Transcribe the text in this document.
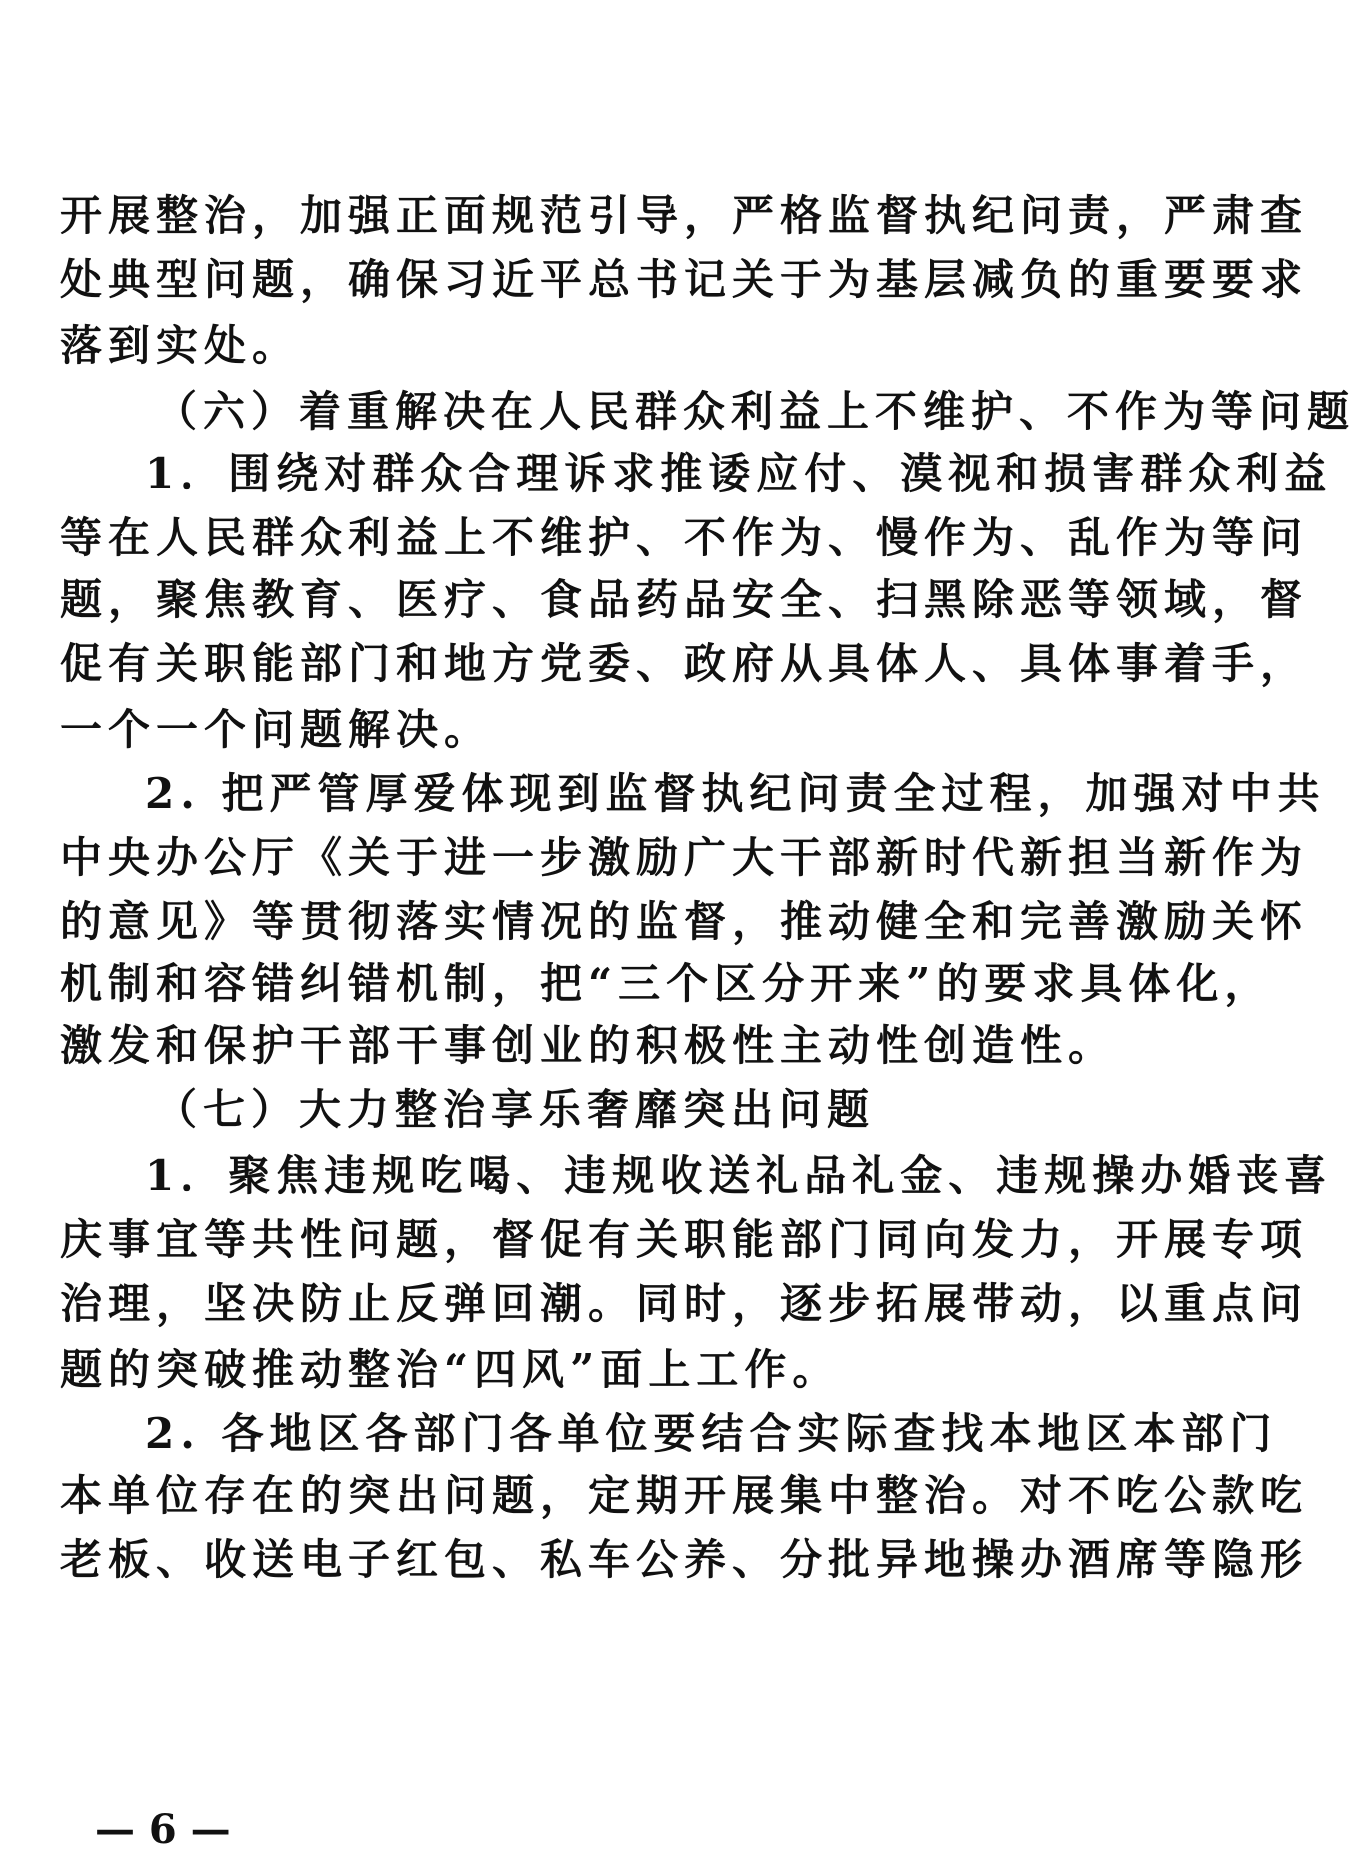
开展整治，加强正面规范引导，严格监督执纪问责，严肃查
处典型问题，确保习近平总书记关于为基层减负的重要要求
落到实处。
（六）着重解决在人民群众利益上不维护、不作为等问题
1．围绕对群众合理诉求推诿应付、漠视和损害群众利益
等在人民群众利益上不维护、不作为、慢作为、乱作为等问
题，聚焦教育、医疗、食品药品安全、扫黑除恶等领域，督
促有关职能部门和地方党委、政府从具体人、具体事着手，
一个一个问题解决。
2. 把严管厚爱体现到监督执纪问责全过程，加强对中共
中央办公厅《关于进一步激励广大干部新时代新担当新作为
的意见》等贯彻落实情况的监督，推动健全和完善激励关怀
机制和容错纠错机制，把“三个区分开来”的要求具体化，
激发和保护干部干事创业的积极性主动性创造性。
（七）大力整治享乐奢靡突出问题
1．聚焦违规吃喝、违规收送礼品礼金、违规操办婚丧喜
庆事宜等共性问题，督促有关职能部门同向发力，开展专项
治理，坚决防止反弹回潮。同时，逐步拓展带动，以重点问
题的突破推动整治“四风”面上工作。
2. 各地区各部门各单位要结合实际查找本地区本部门
本单位存在的突出问题，定期开展集中整治。对不吃公款吃
老板、收送电子红包、私车公养、分批异地操办酒席等隐形
— 6 —
